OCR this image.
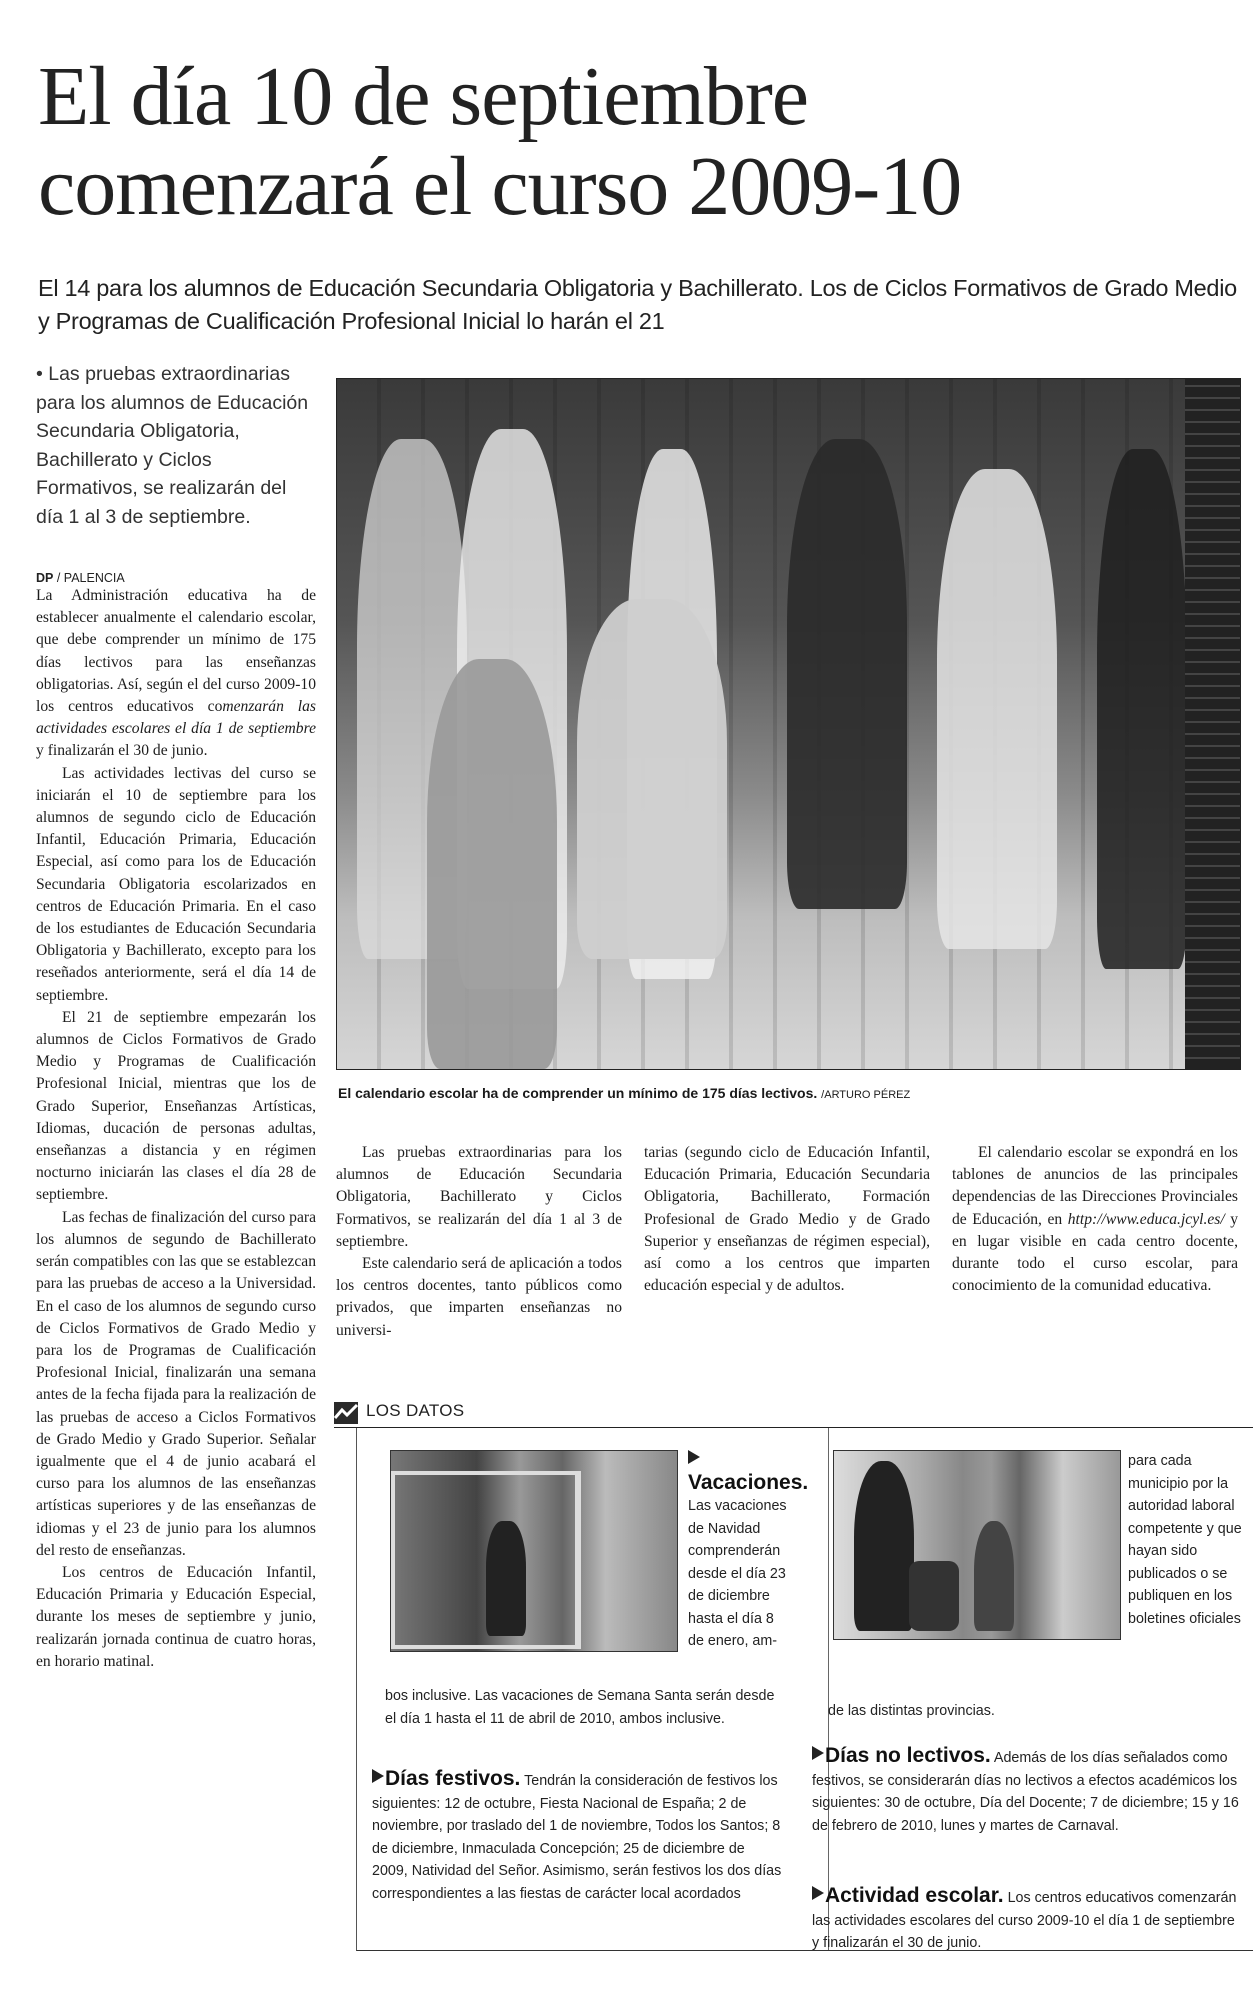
El día 10 de septiembre
comenzará el curso 2009-10

El 14 para los alumnos de Educación Secundaria Obligatoria y Bachillerato. Los de Ciclos Formativos de Grado Medio y Programas de Cualificación Profesional Inicial lo harán el 21

• Las pruebas extraordinarias para los alumnos de Educación Secundaria Obligatoria, Bachillerato y Ciclos Formativos, se realizarán del día 1 al 3 de septiembre.

DP / PALENCIA

La Administración educativa ha de establecer anualmente el calendario escolar, que debe comprender un mínimo de 175 días lectivos para las enseñanzas obligatorias. Así, según el del curso 2009-10 los centros educativos comenzarán las actividades escolares el día 1 de septiembre y finalizarán el 30 de junio.

Las actividades lectivas del curso se iniciarán el 10 de septiembre para los alumnos de segundo ciclo de Educación Infantil, Educación Primaria, Educación Especial, así como para los de Educación Secundaria Obligatoria escolarizados en centros de Educación Primaria. En el caso de los estudiantes de Educación Secundaria Obligatoria y Bachillerato, excepto para los reseñados anteriormente, será el día 14 de septiembre.

El 21 de septiembre empezarán los alumnos de Ciclos Formativos de Grado Medio y Programas de Cualificación Profesional Inicial, mientras que los de Grado Superior, Enseñanzas Artísticas, Idiomas, ducación de personas adultas, enseñanzas a distancia y en régimen nocturno iniciarán las clases el día 28 de septiembre.

Las fechas de finalización del curso para los alumnos de segundo de Bachillerato serán compatibles con las que se establezcan para las pruebas de acceso a la Universidad. En el caso de los alumnos de segundo curso de Ciclos Formativos de Grado Medio y para los de Programas de Cualificación Profesional Inicial, finalizarán una semana antes de la fecha fijada para la realización de las pruebas de acceso a Ciclos Formativos de Grado Medio y Grado Superior. Señalar igualmente que el 4 de junio acabará el curso para los alumnos de las enseñanzas artísticas superiores y de las enseñanzas de idiomas y el 23 de junio para los alumnos del resto de enseñanzas.

Los centros de Educación Infantil, Educación Primaria y Educación Especial, durante los meses de septiembre y junio, realizarán jornada continua de cuatro horas, en horario matinal.

El calendario escolar ha de comprender un mínimo de 175 días lectivos. /ARTURO PÉREZ

Las pruebas extraordinarias para los alumnos de Educación Secundaria Obligatoria, Bachillerato y Ciclos Formativos, se realizarán del día 1 al 3 de septiembre.

Este calendario será de aplicación a todos los centros docentes, tanto públicos como privados, que imparten enseñanzas no universi-

tarias (segundo ciclo de Educación Infantil, Educación Primaria, Educación Secundaria Obligatoria, Bachillerato, Formación Profesional de Grado Medio y de Grado Superior y enseñanzas de régimen especial), así como a los centros que imparten educación especial y de adultos.

El calendario escolar se expondrá en los tablones de anuncios de las principales dependencias de las Direcciones Provinciales de Educación, en http://www.educa.jcyl.es/ y en lugar visible en cada centro docente, durante todo el curso escolar, para conocimiento de la comunidad educativa.

LOS DATOS

Vacaciones.

Las vacaciones de Navidad comprenderán desde el día 23 de diciembre hasta el día 8 de enero, am-

bos inclusive. Las vacaciones de Semana Santa serán desde el día 1 hasta el 11 de abril de 2010, ambos inclusive.

Días festivos. Tendrán la consideración de festivos los siguientes: 12 de octubre, Fiesta Nacional de España; 2 de noviembre, por traslado del 1 de noviembre, Todos los Santos; 8 de diciembre, Inmaculada Concepción; 25 de diciembre de 2009, Natividad del Señor. Asimismo, serán festivos los dos días correspondientes a las fiestas de carácter local acordados

para cada municipio por la autoridad laboral competente y que hayan sido publicados o se publiquen en los boletines oficiales

de las distintas provincias.

Días no lectivos. Además de los días señalados como festivos, se considerarán días no lectivos a efectos académicos los siguientes: 30 de octubre, Día del Docente; 7 de diciembre; 15 y 16 de febrero de 2010, lunes y martes de Carnaval.

Actividad escolar. Los centros educativos comenzarán las actividades escolares del curso 2009-10 el día 1 de septiembre y finalizarán el 30 de junio.
